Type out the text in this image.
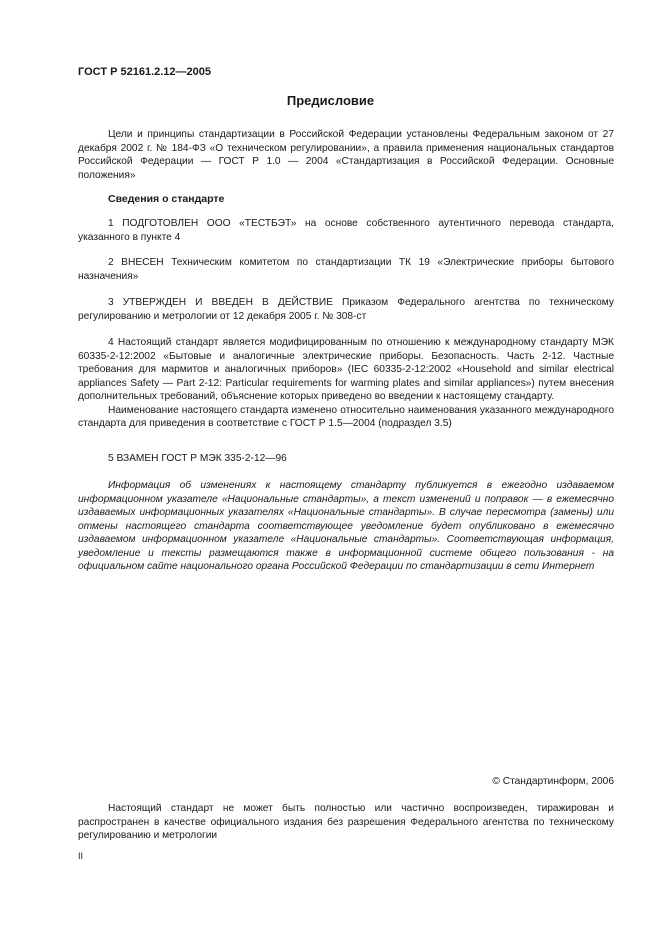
ГОСТ Р 52161.2.12—2005
Предисловие
Цели и принципы стандартизации в Российской Федерации установлены Федеральным законом от 27 декабря 2002 г. № 184-ФЗ «О техническом регулировании», а правила применения национальных стандартов Российской Федерации — ГОСТ Р 1.0 — 2004 «Стандартизация в Российской Федерации. Основные положения»
Сведения о стандарте
1 ПОДГОТОВЛЕН ООО «ТЕСТБЭТ» на основе собственного аутентичного перевода стандарта, указанного в пункте 4
2 ВНЕСЕН Техническим комитетом по стандартизации ТК 19 «Электрические приборы бытового назначения»
3 УТВЕРЖДЕН И ВВЕДЕН В ДЕЙСТВИЕ Приказом Федерального агентства по техническому регулированию и метрологии от 12 декабря 2005 г. № 308-ст

4 Настоящий стандарт является модифицированным по отношению к международному стандарту МЭК 60335-2-12:2002 «Бытовые и аналогичные электрические приборы. Безопасность. Часть 2-12. Частные требования для мармитов и аналогичных приборов» (IEC 60335-2-12:2002 «Household and similar electrical appliances Safety — Part 2-12: Particular requirements for warming plates and similar appliances») путем внесения дополнительных требований, объяснение которых приведено во введении к настоящему стандарту.

Наименование настоящего стандарта изменено относительно наименования указанного международного стандарта для приведения в соответствие с ГОСТ Р 1.5—2004 (подраздел 3.5)

5 ВЗАМЕН ГОСТ Р МЭК 335-2-12—96
Информация об изменениях к настоящему стандарту публикуется в ежегодно издаваемом информационном указателе «Национальные стандарты», а текст изменений и поправок — в ежемесячно издаваемых информационных указателях «Национальные стандарты». В случае пересмотра (замены) или отмены настоящего стандарта соответствующее уведомление будет опубликовано в ежемесячно издаваемом информационном указателе «Национальные стандарты». Соответствующая информация, уведомление и тексты размещаются также в информационной системе общего пользования - на официальном сайте национального органа Российской Федерации по стандартизации в сети Интернет
© Стандартинформ, 2006
Настоящий стандарт не может быть полностью или частично воспроизведен, тиражирован и распространен в качестве официального издания без разрешения Федерального агентства по техническому регулированию и метрологии
II
